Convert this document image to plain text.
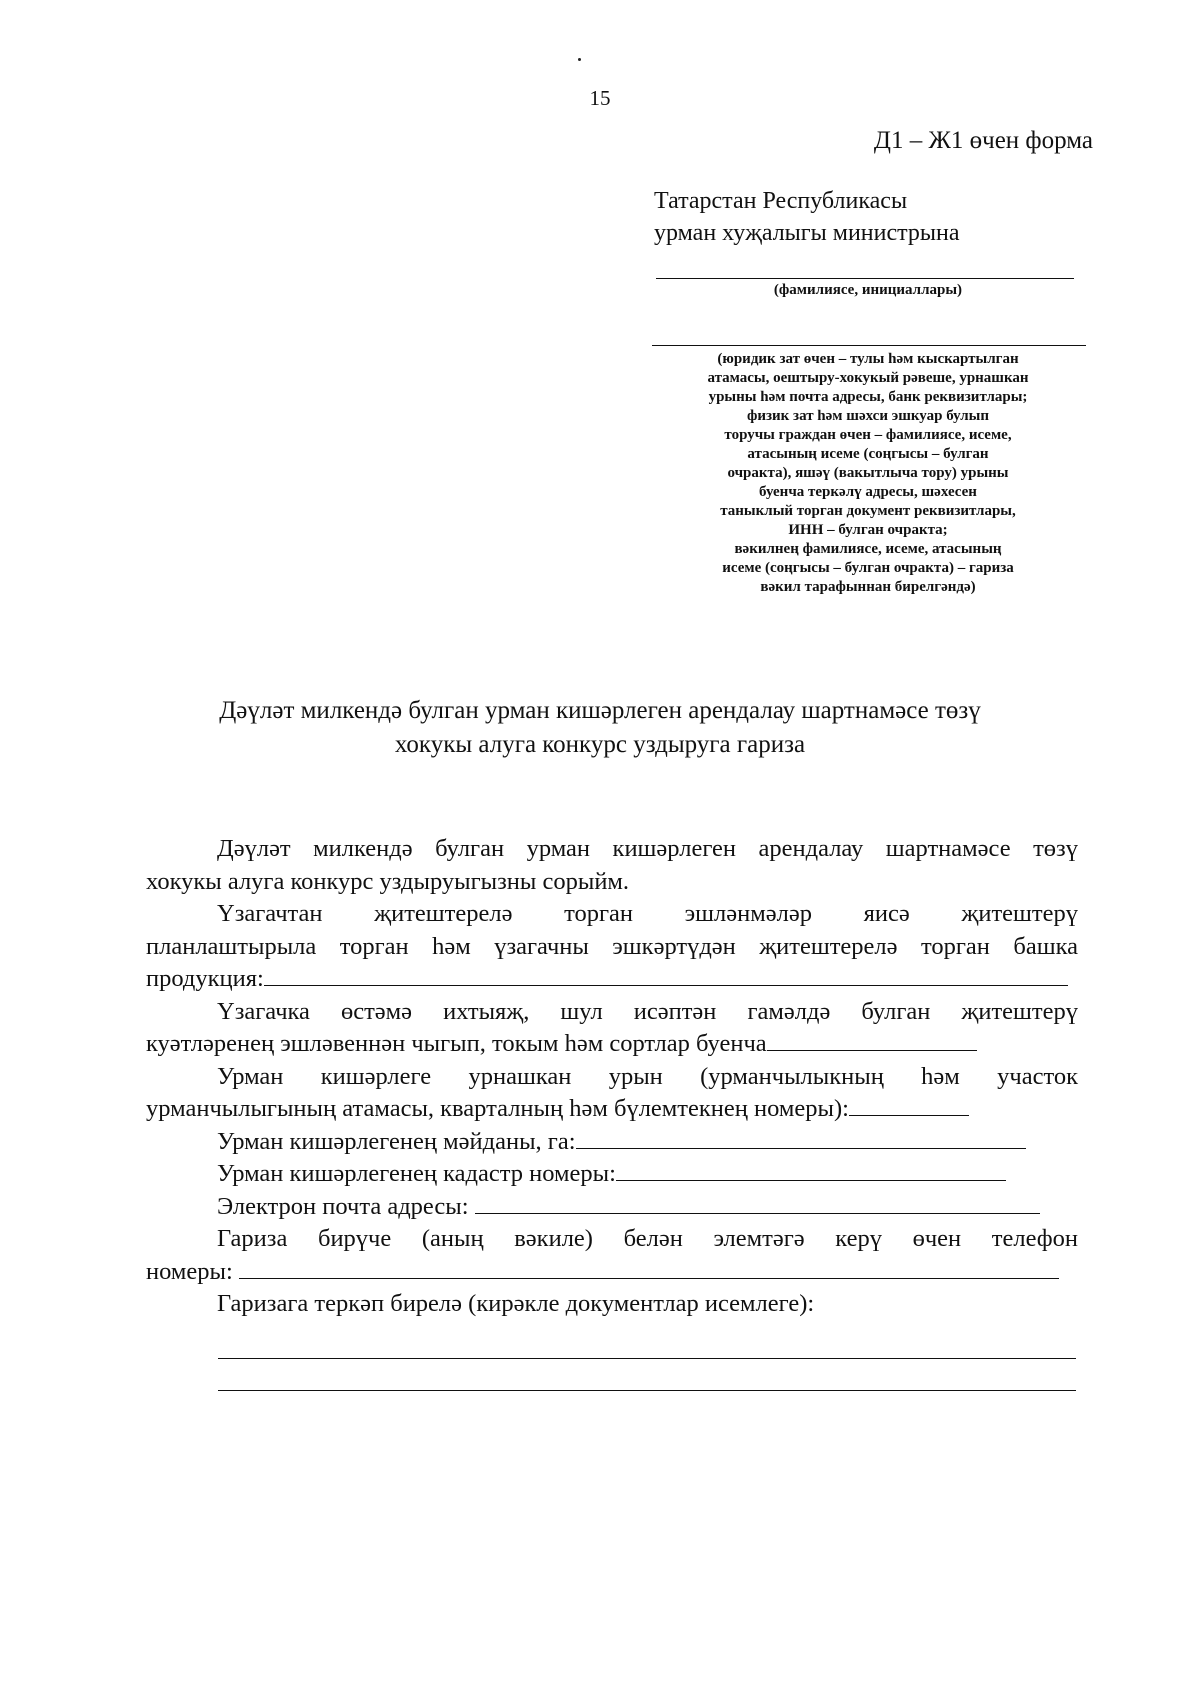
15
Д1 – Ж1 өчен форма
Татарстан Республикасы
урман хуҗалыгы министрына
(фамилиясе, инициаллары)
(юридик зат өчен – тулы һәм кыскартылган
атамасы, оештыру-хокукый рәвеше, урнашкан
урыны һәм почта адресы, банк реквизитлары;
физик зат һәм шәхси эшкуар булып
торучы граждан өчен – фамилиясе, исеме,
атасының исеме (соңгысы – булган
очракта), яшәү (вакытлыча тору) урыны
буенча теркәлү адресы, шәхесен
таныклый торган документ реквизитлары,
ИНН – булган очракта;
вәкилнең фамилиясе, исеме, атасының
исеме (соңгысы – булган очракта) – гариза
вәкил тарафыннан бирелгәндә)
Дәүләт милкендә булган урман кишәрлеген арендалау шартнамәсе төзү
хокукы алуга конкурс уздыруга гариза
Дәүләт милкендә булган урман кишәрлеген арендалау шартнамәсе төзү
хокукы алуга конкурс уздыруыгызны сорыйм.
Үзагачтан җитештерелә торган эшләнмәләр яисә җитештерү
планлаштырыла торган һәм үзагачны эшкәртүдән җитештерелә торган башка
продукция:
Үзагачка өстәмә ихтыяҗ, шул исәптән гамәлдә булган җитештерү
куәтләренең эшләвеннән чыгып, токым һәм сортлар буенча
Урман кишәрлеге урнашкан урын (урманчылыкның һәм участок
урманчылыгының атамасы, кварталның һәм бүлемтекнең номеры):
Урман кишәрлегенең мәйданы, га:
Урман кишәрлегенең кадастр номеры:
Электрон почта адресы:
Гариза бирүче (аның вәкиле) белән элемтәгә керү өчен телефон
номеры:
Гаризага теркәп бирелә (кирәкле документлар исемлеге):
